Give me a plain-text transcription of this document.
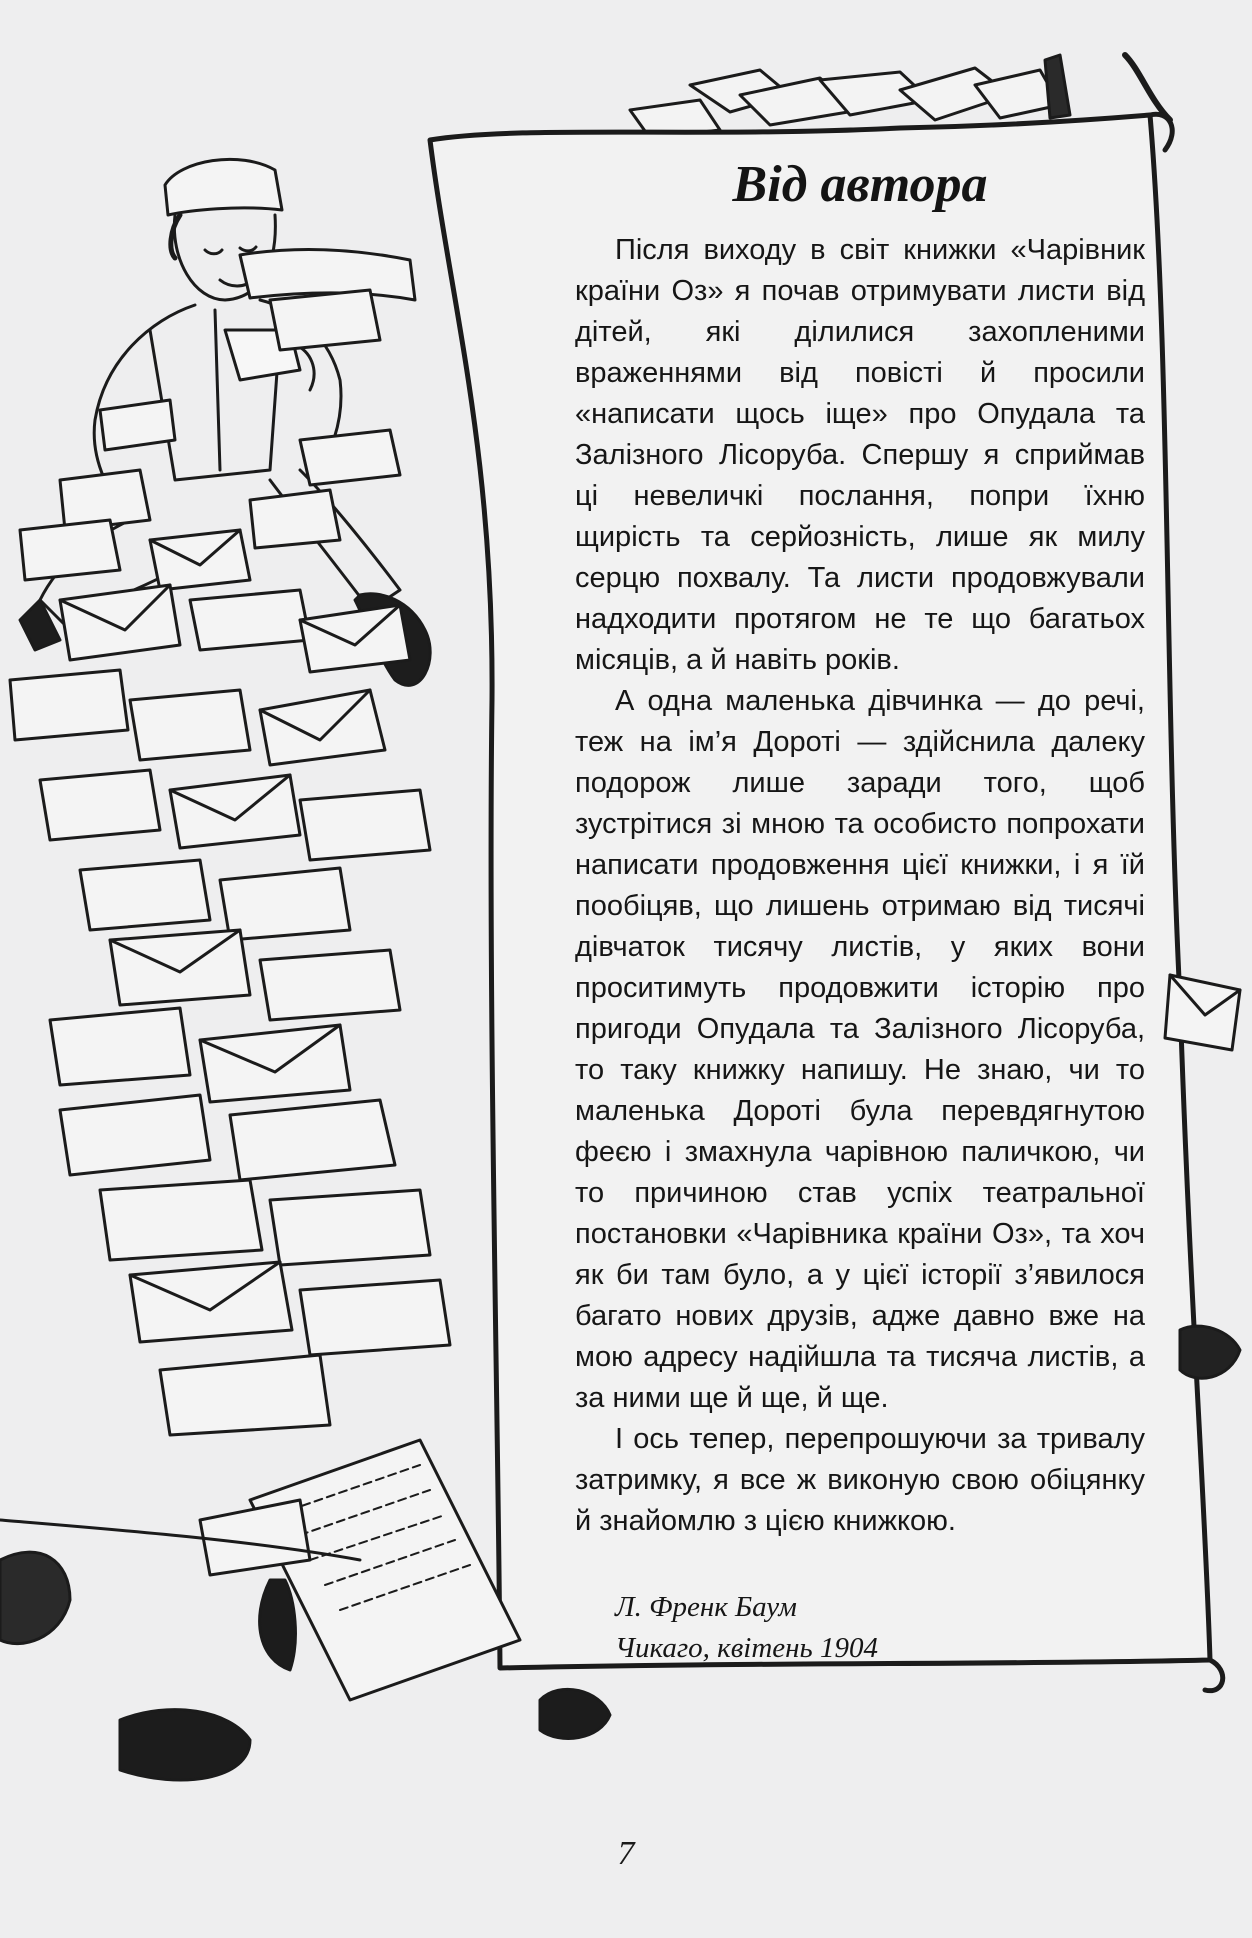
Від автора

Після виходу в світ книжки «Чарівник країни Оз» я почав отримувати листи від дітей, які ділилися захопленими враженнями від повісті й просили «написати щось іще» про Опудала та Залізного Лісоруба. Спершу я сприймав ці невеличкі послання, попри їхню щирість та серйозність, лише як милу серцю похвалу. Та листи продовжували надходити протягом не те що багатьох місяців, а й навіть років.

А одна маленька дівчинка — до речі, теж на ім’я Дороті — здійснила далеку подорож лише заради того, щоб зустрітися зі мною та особисто попрохати написати продовження цієї книжки, і я їй пообіцяв, що лишень отримаю від тисячі дівчаток тисячу листів, у яких вони проситимуть продовжити історію про пригоди Опудала та Залізного Лісоруба, то таку книжку напишу. Не знаю, чи то маленька Дороті була перевдягнутою феєю і змахнула чарівною паличкою, чи то причиною став успіх театральної постановки «Чарівника країни Оз», та хоч як би там було, а у цієї історії з’явилося багато нових друзів, адже давно вже на мою адресу надійшла та тисяча листів, а за ними ще й ще, й ще.

І ось тепер, перепрошуючи за тривалу затримку, я все ж виконую свою обіцянку й знайомлю з цією книжкою.

Л. Френк Баум
Чикаго, квітень 1904
7
